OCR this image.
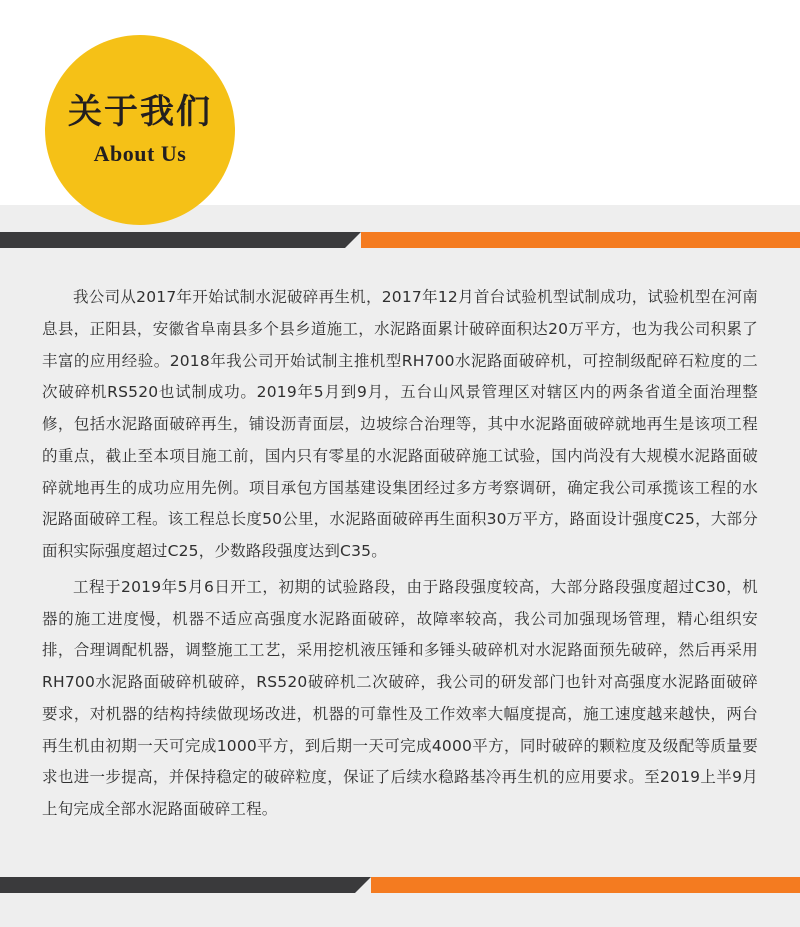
关于我们
About Us

我公司从2017年开始试制水泥破碎再生机，2017年12月首台试验机型试制成功，试验机型在河南息县，正阳县，安徽省阜南县多个县乡道施工，水泥路面累计破碎面积达20万平方，也为我公司积累了丰富的应用经验。2018年我公司开始试制主推机型RH700水泥路面破碎机，可控制级配碎石粒度的二次破碎机RS520也试制成功。2019年5月到9月，五台山风景管理区对辖区内的两条省道全面治理整修，包括水泥路面破碎再生，铺设沥青面层，边坡综合治理等，其中水泥路面破碎就地再生是该项工程的重点，截止至本项目施工前，国内只有零星的水泥路面破碎施工试验，国内尚没有大规模水泥路面破碎就地再生的成功应用先例。项目承包方国基建设集团经过多方考察调研，确定我公司承揽该工程的水泥路面破碎工程。该工程总长度50公里，水泥路面破碎再生面积30万平方，路面设计强度C25，大部分面积实际强度超过C25，少数路段强度达到C35。

工程于2019年5月6日开工，初期的试验路段，由于路段强度较高，大部分路段强度超过C30，机器的施工进度慢，机器不适应高强度水泥路面破碎，故障率较高，我公司加强现场管理，精心组织安排，合理调配机器，调整施工工艺，采用挖机液压锤和多锤头破碎机对水泥路面预先破碎，然后再采用RH700水泥路面破碎机破碎，RS520破碎机二次破碎，我公司的研发部门也针对高强度水泥路面破碎要求，对机器的结构持续做现场改进，机器的可靠性及工作效率大幅度提高，施工速度越来越快，两台再生机由初期一天可完成1000平方，到后期一天可完成4000平方，同时破碎的颗粒度及级配等质量要求也进一步提高，并保持稳定的破碎粒度，保证了后续水稳路基冷再生机的应用要求。至2019上半9月上旬完成全部水泥路面破碎工程。
